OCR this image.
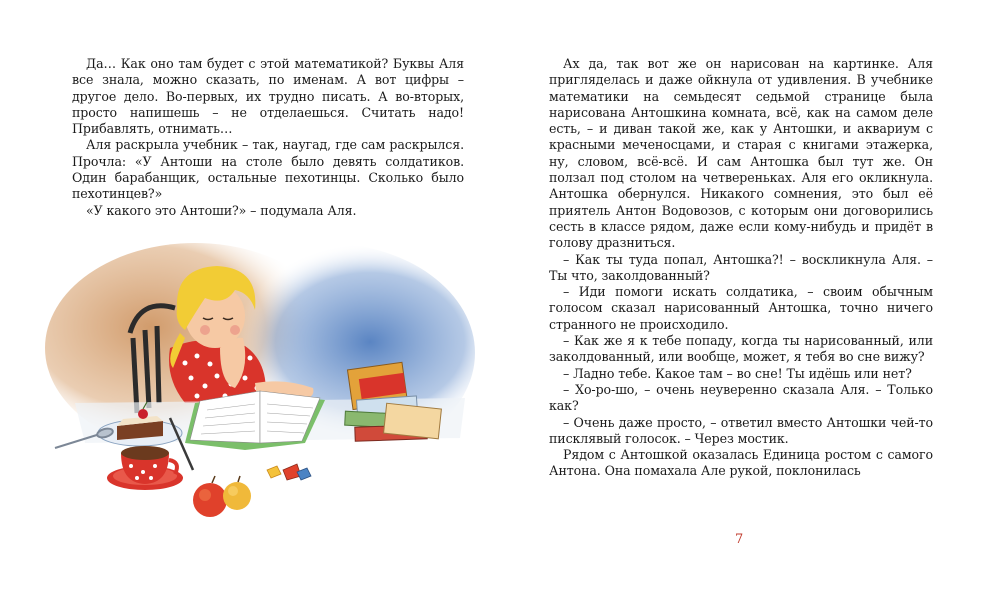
Да… Как оно там будет с этой математикой? Буквы Аля все знала, можно сказать, по именам. А вот цифры – другое дело. Во-первых, их трудно писать. А во-вторых, просто напишешь – не отделаешься. Считать надо! Прибавлять, отнимать…

Аля раскрыла учебник – так, наугад, где сам раскрылся. Прочла: «У Антоши на столе было девять солдатиков. Один барабанщик, остальные пехотинцы. Сколько было пехотинцев?»

«У какого это Антоши?» – подумала Аля.

Ах да, так вот же он нарисован на картинке. Аля пригляделась и даже ойкнула от удивления. В учебнике математики на семьдесят седьмой странице была нарисована Антошкина комната, всё, как на самом деле есть, – и диван такой же, как у Антошки, и аквариум с красными меченосцами, и старая с книгами этажерка, ну, словом, всё-всё. И сам Антошка был тут же. Он ползал под столом на четвереньках. Аля его окликнула. Антошка обернулся. Никакого сомнения, это был её приятель Антон Водовозов, с которым они договорились сесть в классе рядом, даже если кому-нибудь и придёт в голову дразниться.

– Как ты туда попал, Антошка?! – воскликнула Аля. – Ты что, заколдованный?

– Иди помоги искать солдатика, – своим обычным голосом сказал нарисованный Антошка, точно ничего странного не происходило.

– Как же я к тебе попаду, когда ты нарисованный, или заколдованный, или вообще, может, я тебя во сне вижу?

– Ладно тебе. Какое там – во сне! Ты идёшь или нет?

– Хо-ро-шо, – очень неуверенно сказала Аля. – Только как?

– Очень даже просто, – ответил вместо Антошки чей-то писклявый голосок. – Через мостик.

Рядом с Антошкой оказалась Единица ростом с самого Антона. Она помахала Але рукой, поклонилась

7
